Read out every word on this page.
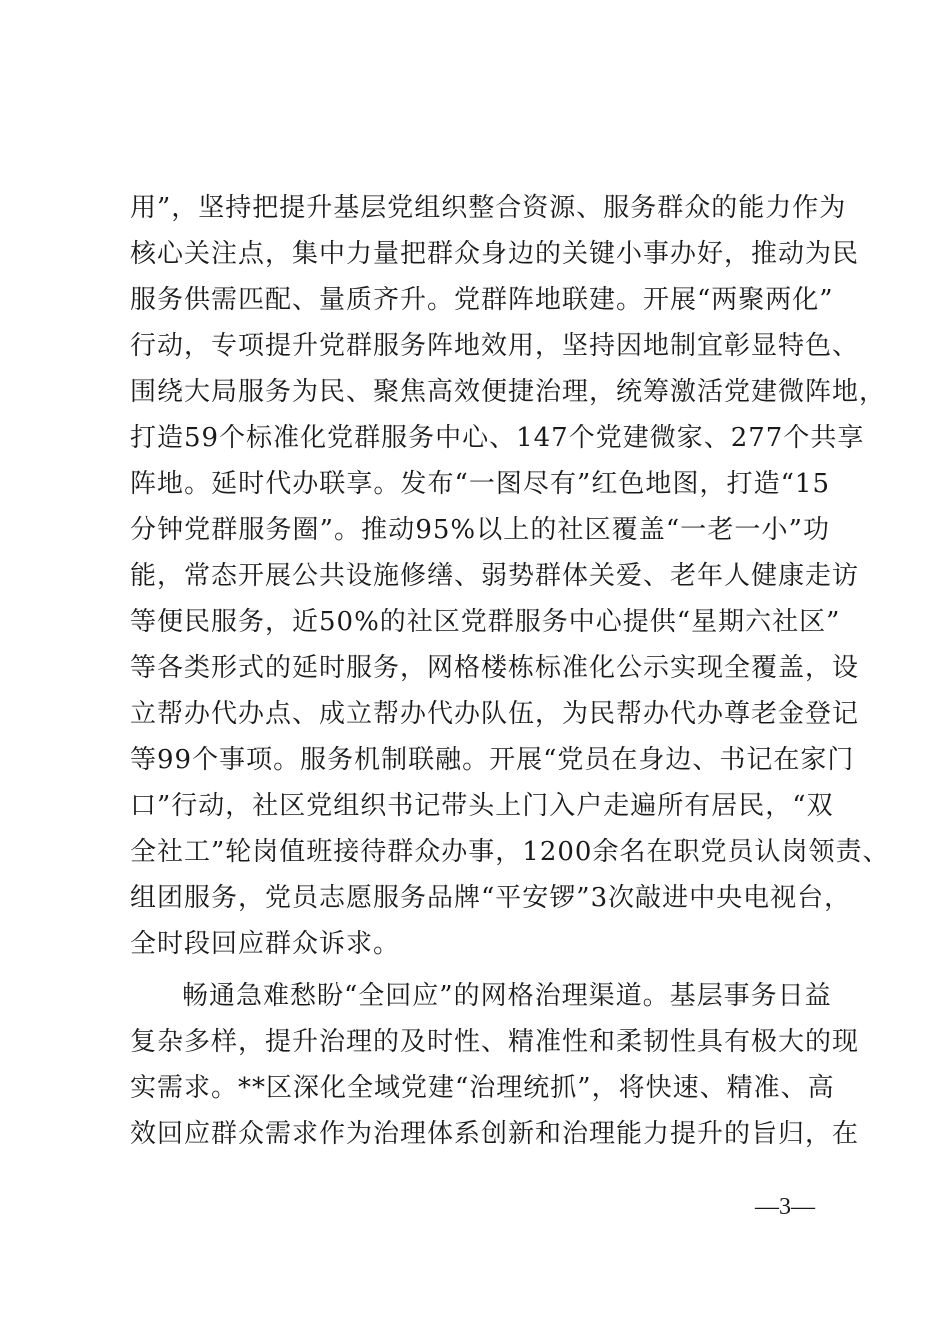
用”，坚持把提升基层党组织整合资源、服务群众的能力作为
核心关注点，集中力量把群众身边的关键小事办好，推动为民
服务供需匹配、量质齐升。党群阵地联建。开展“两聚两化”
行动，专项提升党群服务阵地效用，坚持因地制宜彰显特色、
围绕大局服务为民、聚焦高效便捷治理，统筹激活党建微阵地，
打造59个标准化党群服务中心、147个党建微家、277个共享
阵地。延时代办联享。发布“一图尽有”红色地图，打造“15
分钟党群服务圈”。推动95%以上的社区覆盖“一老一小”功
能，常态开展公共设施修缮、弱势群体关爱、老年人健康走访
等便民服务，近50%的社区党群服务中心提供“星期六社区”
等各类形式的延时服务，网格楼栋标准化公示实现全覆盖，设
立帮办代办点、成立帮办代办队伍，为民帮办代办尊老金登记
等99个事项。服务机制联融。开展“党员在身边、书记在家门
口”行动，社区党组织书记带头上门入户走遍所有居民，“双
全社工”轮岗值班接待群众办事，1200余名在职党员认岗领责、
组团服务，党员志愿服务品牌“平安锣”3次敲进中央电视台，
全时段回应群众诉求。
畅通急难愁盼“全回应”的网格治理渠道。基层事务日益
复杂多样，提升治理的及时性、精准性和柔韧性具有极大的现
实需求。**区深化全域党建“治理统抓”，将快速、精准、高
效回应群众需求作为治理体系创新和治理能力提升的旨归，在
—3—
